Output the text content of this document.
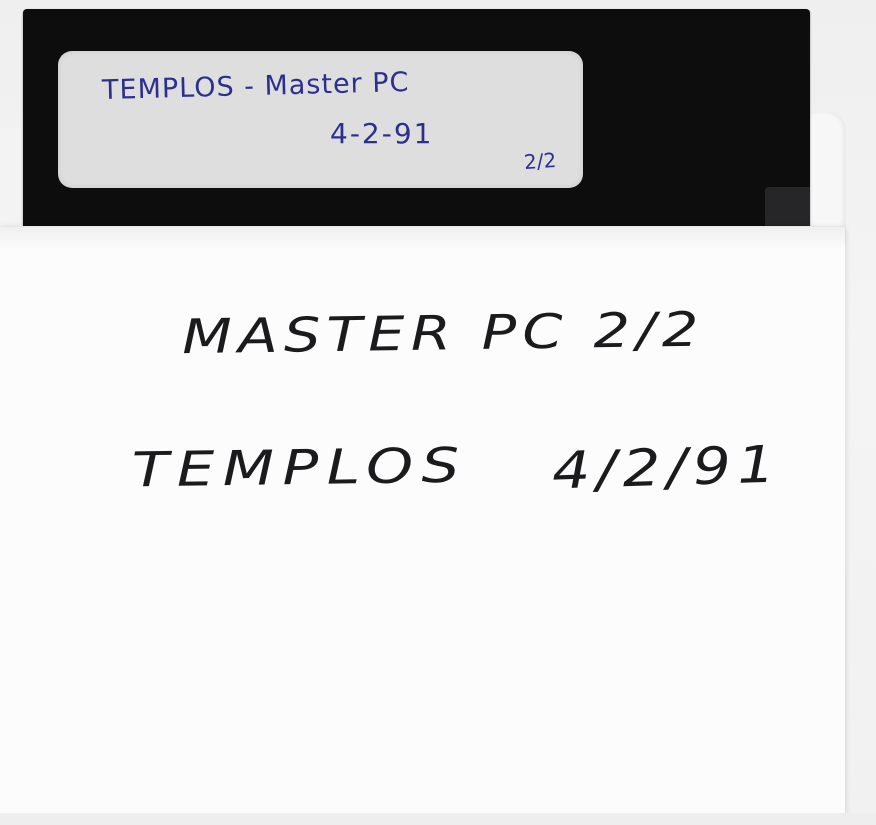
TEMPLOS - Master PC
4-2-91
2/2
MASTER PC 2/2
TEMPLOS 4/2/91
